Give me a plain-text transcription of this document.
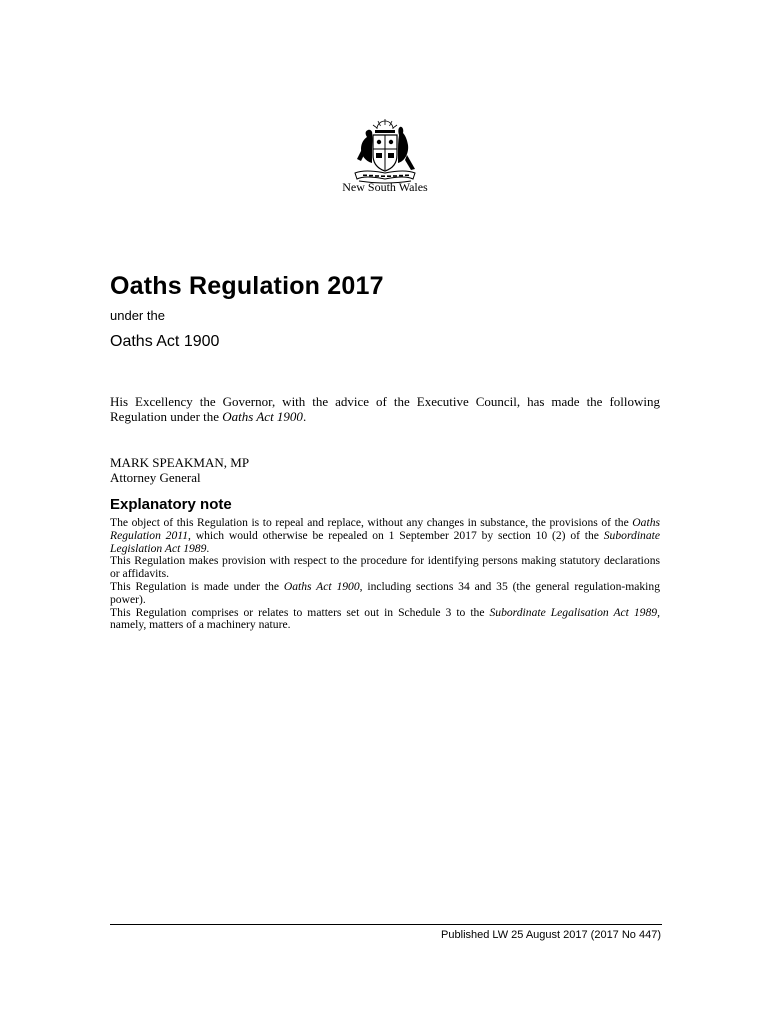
New South Wales
Oaths Regulation 2017
under the
Oaths Act 1900
His Excellency the Governor, with the advice of the Executive Council, has made the following Regulation under the Oaths Act 1900.
MARK SPEAKMAN, MP
Attorney General
Explanatory note

The object of this Regulation is to repeal and replace, without any changes in substance, the provisions of the Oaths Regulation 2011, which would otherwise be repealed on 1 September 2017 by section 10 (2) of the Subordinate Legislation Act 1989.

This Regulation makes provision with respect to the procedure for identifying persons making statutory declarations or affidavits.

This Regulation is made under the Oaths Act 1900, including sections 34 and 35 (the general regulation-making power).

This Regulation comprises or relates to matters set out in Schedule 3 to the Subordinate Legalisation Act 1989, namely, matters of a machinery nature.

Published LW 25 August 2017 (2017 No 447)
